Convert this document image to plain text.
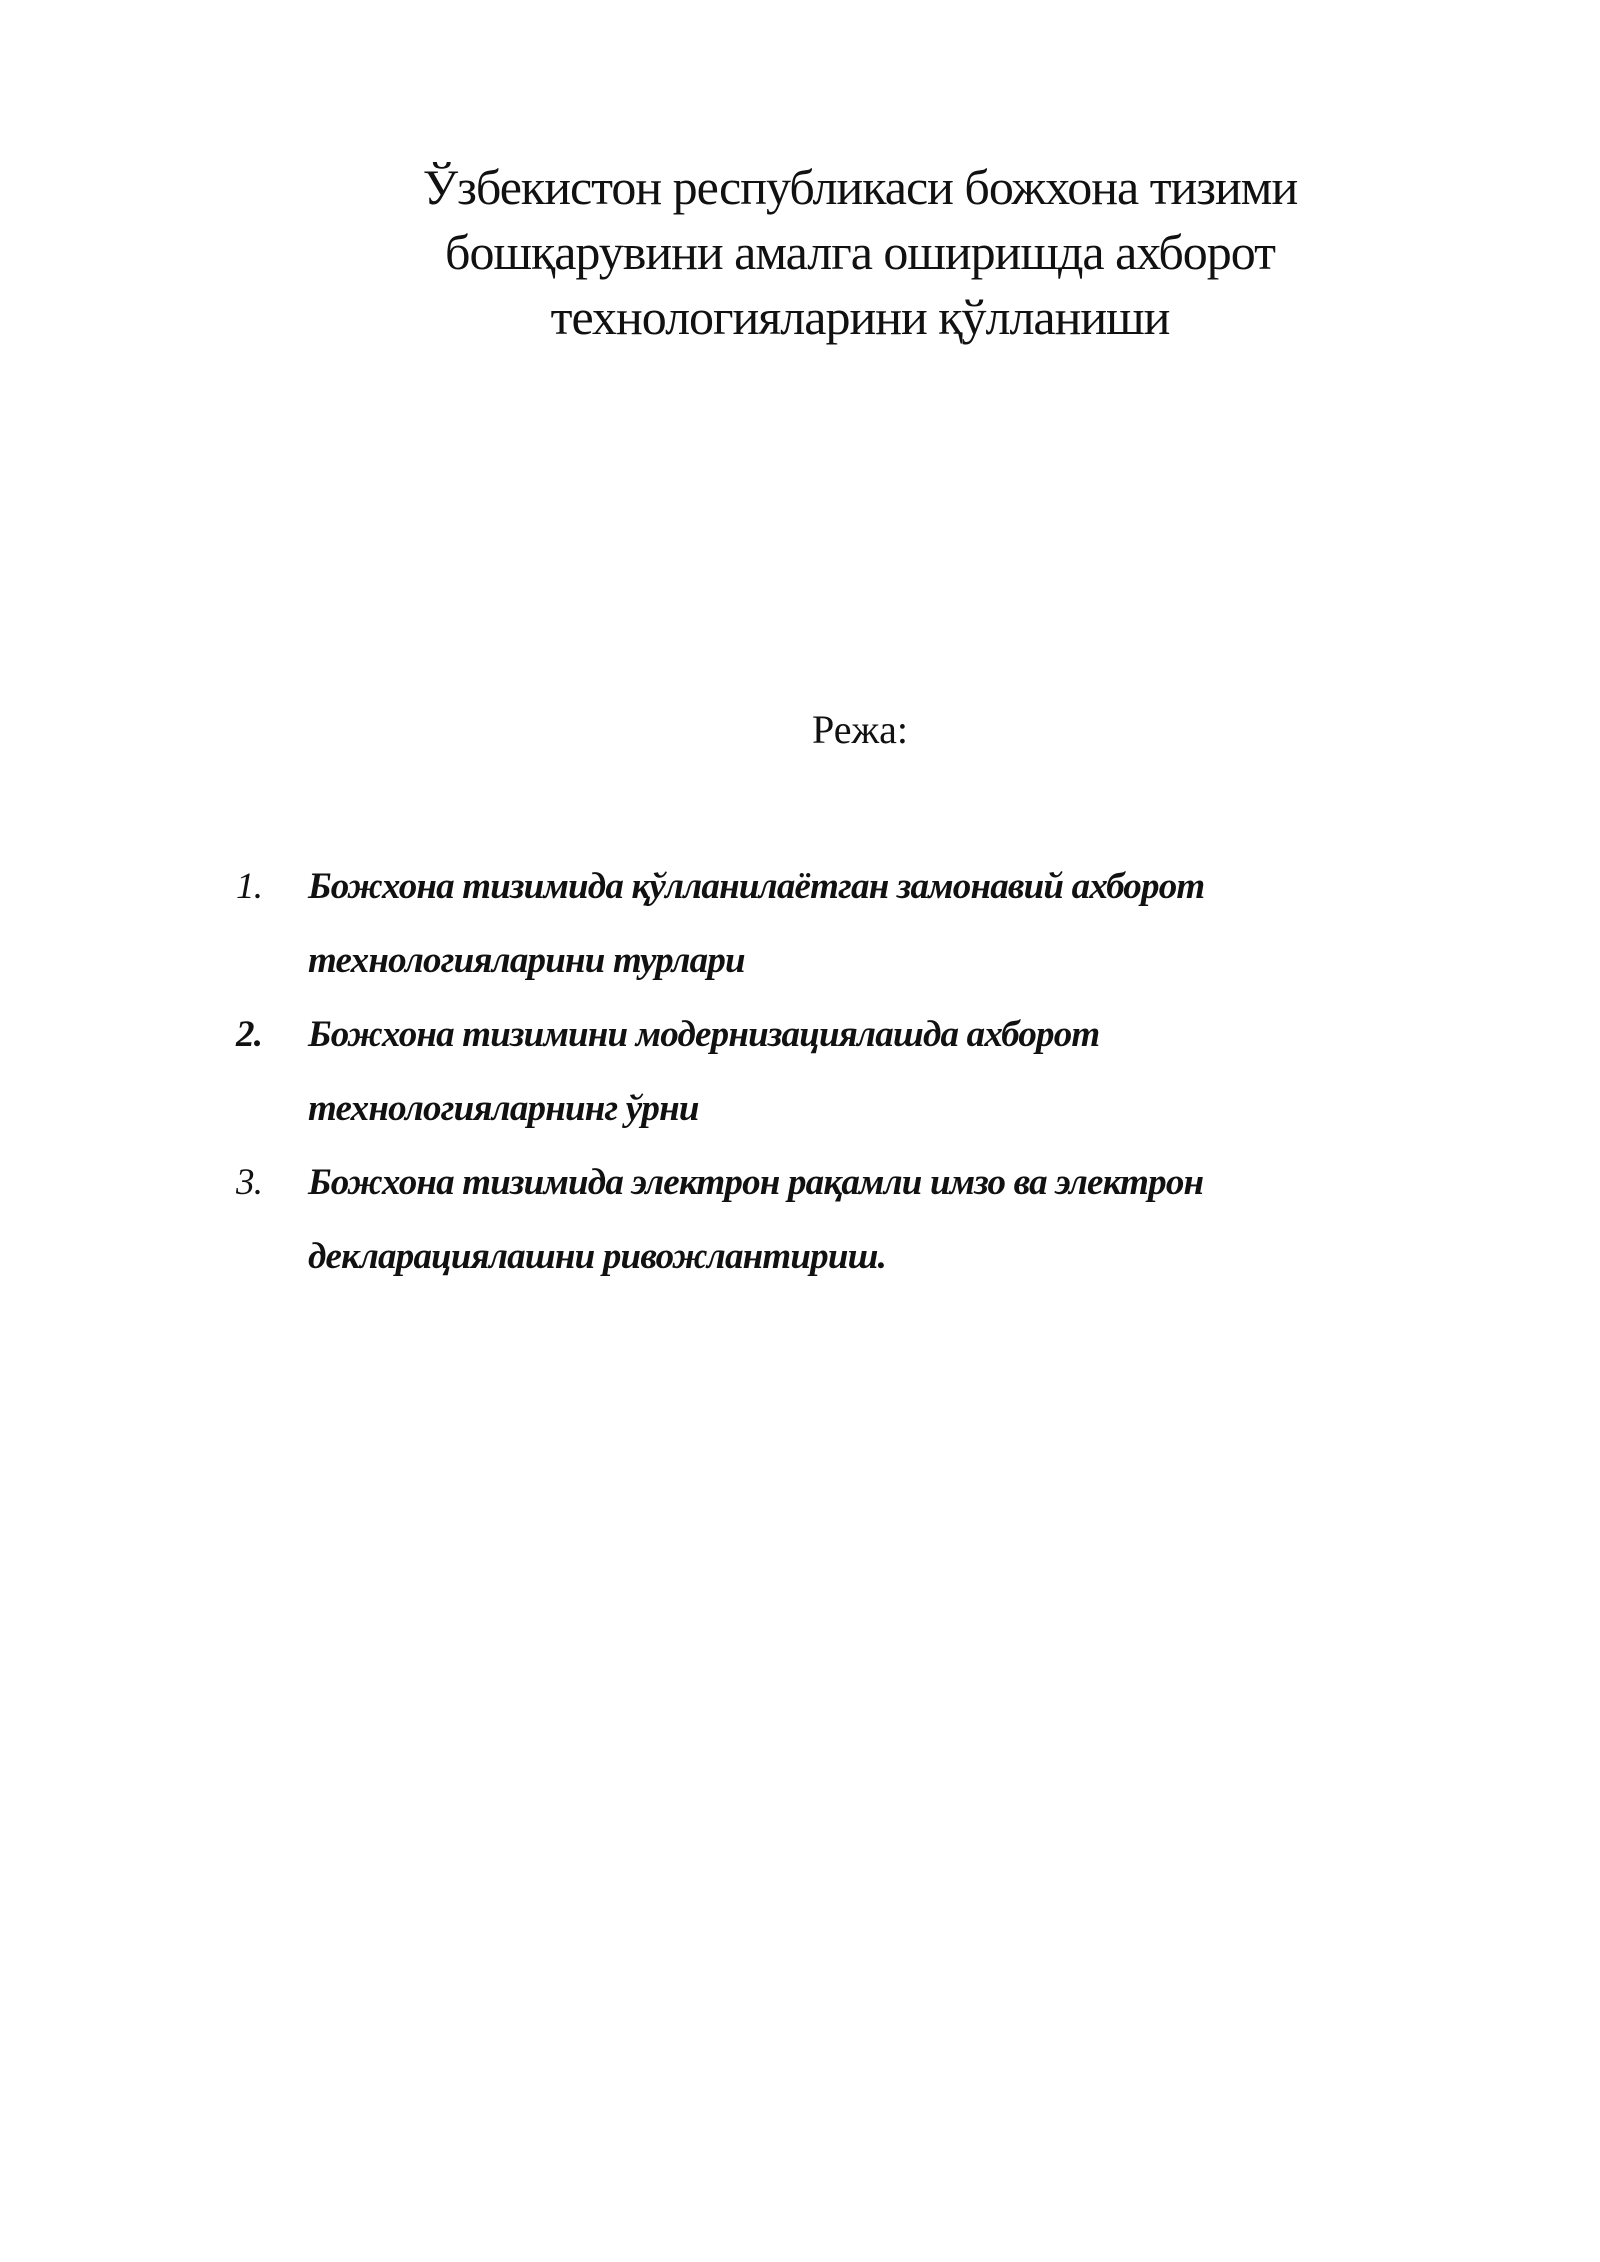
Ўзбекистон республикаси божхона тизими
бошқарувини амалга оширишда ахборот
технологияларини қўлланиши
Режа:
1. Божхона тизимида қўлланилаётган замонавий ахборот
технологияларини турлари
2. Божхона тизимини модернизациялашда ахборот
технологияларнинг ўрни
3. Божхона тизимида электрон рақамли имзо ва электрон
декларациялашни ривожлантириш.
